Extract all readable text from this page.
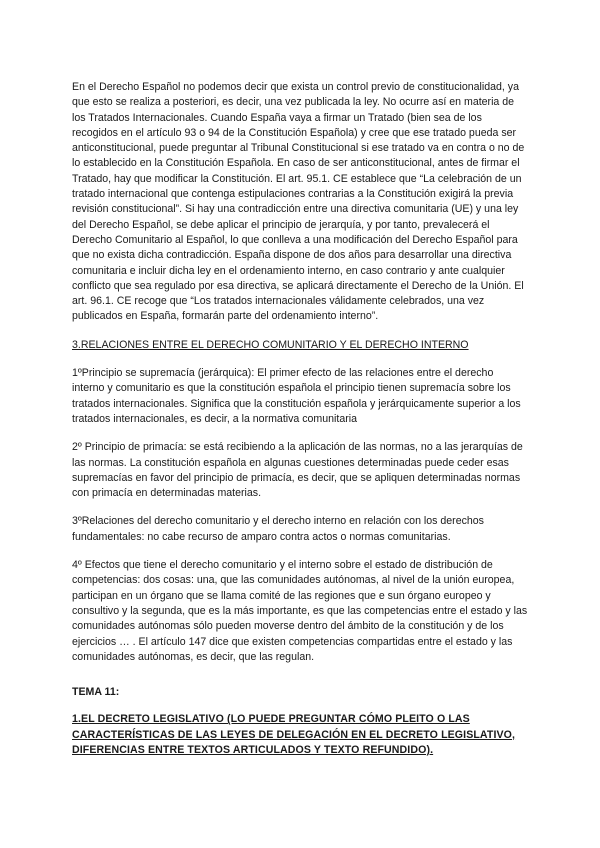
En el Derecho Español no podemos decir que exista un control previo de constitucionalidad, ya que esto se realiza a posteriori, es decir, una vez publicada la ley. No ocurre así en materia de los Tratados Internacionales. Cuando España vaya a firmar un Tratado (bien sea de los recogidos en el artículo 93 o 94 de la Constitución Española) y cree que ese tratado pueda ser anticonstitucional, puede preguntar al Tribunal Constitucional si ese tratado va en contra o no de lo establecido en la Constitución Española. En caso de ser anticonstitucional, antes de firmar el Tratado, hay que modificar la Constitución. El art. 95.1. CE establece que “La celebración de un tratado internacional que contenga estipulaciones contrarias a la Constitución exigirá la previa revisión constitucional”. Si hay una contradicción entre una directiva comunitaria (UE) y una ley del Derecho Español, se debe aplicar el principio de jerarquía, y por tanto, prevalecerá el Derecho Comunitario al Español, lo que conlleva a una modificación del Derecho Español para que no exista dicha contradicción. España dispone de dos años para desarrollar una directiva comunitaria e incluir dicha ley en el ordenamiento interno, en caso contrario y ante cualquier conflicto que sea regulado por esa directiva, se aplicará directamente el Derecho de la Unión. El art. 96.1. CE recoge que “Los tratados internacionales válidamente celebrados, una vez publicados en España, formarán parte del ordenamiento interno”.

3.RELACIONES ENTRE EL DERECHO COMUNITARIO Y EL DERECHO INTERNO

1ºPrincipio se supremacía (jerárquica): El primer efecto de las relaciones entre el derecho interno y comunitario es que la constitución española el principio tienen supremacía sobre los tratados internacionales. Significa que la constitución española y jerárquicamente superior a los tratados internacionales, es decir, a la normativa comunitaria

2º Principio de primacía: se está recibiendo a la aplicación de las normas, no a las jerarquías de las normas. La constitución española en algunas cuestiones determinadas puede ceder esas supremacías en favor del principio de primacía, es decir, que se apliquen determinadas normas con primacía en determinadas materias.

3ºRelaciones del derecho comunitario y el derecho interno en relación con los derechos fundamentales: no cabe recurso de amparo contra actos o normas comunitarias.

4º Efectos que tiene el derecho comunitario y el interno sobre el estado de distribución de competencias: dos cosas: una, que las comunidades autónomas, al nivel de la unión europea, participan en un órgano que se llama comité de las regiones que e sun órgano europeo y consultivo y la segunda, que es la más importante, es que las competencias entre el estado y las comunidades autónomas sólo pueden moverse dentro del ámbito de la constitución y de los ejercicios … . El artículo 147 dice que existen competencias compartidas entre el estado y las comunidades autónomas, es decir, que las regulan.

TEMA 11:
1.EL DECRETO LEGISLATIVO (LO PUEDE PREGUNTAR CÓMO PLEITO O LAS CARACTERÍSTICAS DE LAS LEYES DE DELEGACIÓN EN EL DECRETO LEGISLATIVO, DIFERENCIAS ENTRE TEXTOS ARTICULADOS Y TEXTO REFUNDIDO).
